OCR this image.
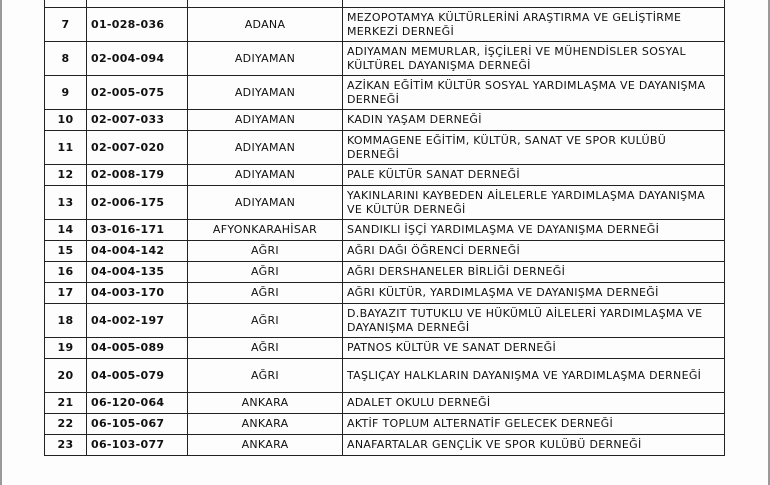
7	01-028-036	ADANA	MEZOPOTAMYA KÜLTÜRLERİNİ ARAŞTIRMA VE GELİŞTİRME MERKEZİ DERNEĞİ
8	02-004-094	ADIYAMAN	ADIYAMAN MEMURLAR, İŞÇİLERİ VE MÜHENDİSLER SOSYAL KÜLTÜREL DAYANIŞMA DERNEĞİ
9	02-005-075	ADIYAMAN	AZİKAN EĞİTİM KÜLTÜR SOSYAL YARDIMLAŞMA VE DAYANIŞMA DERNEĞİ
10	02-007-033	ADIYAMAN	KADIN YAŞAM DERNEĞİ
11	02-007-020	ADIYAMAN	KOMMAGENE EĞİTİM, KÜLTÜR, SANAT VE SPOR KULÜBÜ DERNEĞİ
12	02-008-179	ADIYAMAN	PALE KÜLTÜR SANAT DERNEĞİ
13	02-006-175	ADIYAMAN	YAKINLARINI KAYBEDEN AİLELERLE YARDIMLAŞMA DAYANIŞMA VE KÜLTÜR DERNEĞİ
14	03-016-171	AFYONKARAHİSAR	SANDIKLI İŞÇİ YARDIMLAŞMA VE DAYANIŞMA DERNEĞİ
15	04-004-142	AĞRI	AĞRI DAĞI ÖĞRENCİ DERNEĞİ
16	04-004-135	AĞRI	AĞRI DERSHANELER BİRLİĞİ DERNEĞİ
17	04-003-170	AĞRI	AĞRI KÜLTÜR, YARDIMLAŞMA VE DAYANIŞMA DERNEĞİ
18	04-002-197	AĞRI	D.BAYAZIT TUTUKLU VE HÜKÜMLÜ AİLELERİ YARDIMLAŞMA VE DAYANIŞMA DERNEĞİ
19	04-005-089	AĞRI	PATNOS KÜLTÜR VE SANAT DERNEĞİ
20	04-005-079	AĞRI	TAŞLIÇAY HALKLARIN DAYANIŞMA VE YARDIMLAŞMA DERNEĞİ
21	06-120-064	ANKARA	ADALET OKULU DERNEĞİ
22	06-105-067	ANKARA	AKTİF TOPLUM ALTERNATİF GELECEK DERNEĞİ
23	06-103-077	ANKARA	ANAFARTALAR GENÇLİK VE SPOR KULÜBÜ DERNEĞİ
